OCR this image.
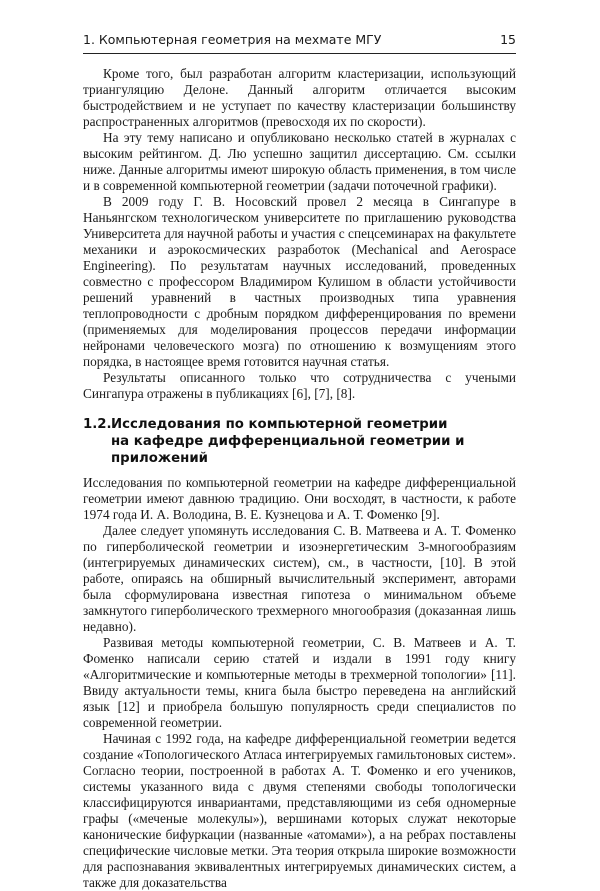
1. Компьютерная геометрия на мехмате МГУ	15

Кроме того, был разработан алгоритм кластеризации, использующий триангуляцию Делоне. Данный алгоритм отличается высоким быстродействием и не уступает по качеству кластеризации большинству распространенных алгоритмов (превосходя их по скорости).

На эту тему написано и опубликовано несколько статей в журналах с высоким рейтингом. Д. Лю успешно защитил диссертацию. См. ссылки ниже. Данные алгоритмы имеют широкую область применения, в том числе и в современной компьютерной геометрии (задачи поточечной графики).

В 2009 году Г. В. Носовский провел 2 месяца в Сингапуре в Наньянгском технологическом университете по приглашению руководства Университета для научной работы и участия с спецсеминарах на факультете механики и аэрокосмических разработок (Mechanical and Aerospace Engineering). По результатам научных исследований, проведенных совместно с профессором Владимиром Кулишом в области устойчивости решений уравнений в частных производных типа уравнения теплопроводности с дробным порядком дифференцирования по времени (применяемых для моделирования процессов передачи информации нейронами человеческого мозга) по отношению к возмущениям этого порядка, в настоящее время готовится научная статья.

Результаты описанного только что сотрудничества с учеными Сингапура отражены в публикациях [6], [7], [8].

1.2.Исследования по компьютерной геометрии
на кафедре дифференциальной геометрии и приложений

Исследования по компьютерной геометрии на кафедре дифференциальной геометрии имеют давнюю традицию. Они восходят, в частности, к работе 1974 года И. А. Володина, В. Е. Кузнецова и А. Т. Фоменко [9].

Далее следует упомянуть исследования С. В. Матвеева и А. Т. Фоменко по гиперболической геометрии и изоэнергетическим 3-многообразиям (интегрируемых динамических систем), см., в частности, [10]. В этой работе, опираясь на обширный вычислительный эксперимент, авторами была сформулирована известная гипотеза о минимальном объеме замкнутого гиперболического трехмерного многообразия (доказанная лишь недавно).

Развивая методы компьютерной геометрии, С. В. Матвеев и А. Т. Фоменко написали серию статей и издали в 1991 году книгу «Алгоритмические и компьютерные методы в трехмерной топологии» [11]. Ввиду актуальности темы, книга была быстро переведена на английский язык [12] и приобрела большую популярность среди специалистов по современной геометрии.

Начиная с 1992 года, на кафедре дифференциальной геометрии ведется создание «Топологического Атласа интегрируемых гамильтоновых систем». Согласно теории, построенной в работах А. Т. Фоменко и его учеников, системы указанного вида с двумя степенями свободы топологически классифицируются инвариантами, представляющими из себя одномерные графы («меченые молекулы»), вершинами которых служат некоторые канонические бифуркации (названные «атомами»), а на ребрах поставлены специфические числовые метки. Эта теория открыла широкие возможности для распознавания эквивалентных интегрируемых динамических систем, а также для доказательства
